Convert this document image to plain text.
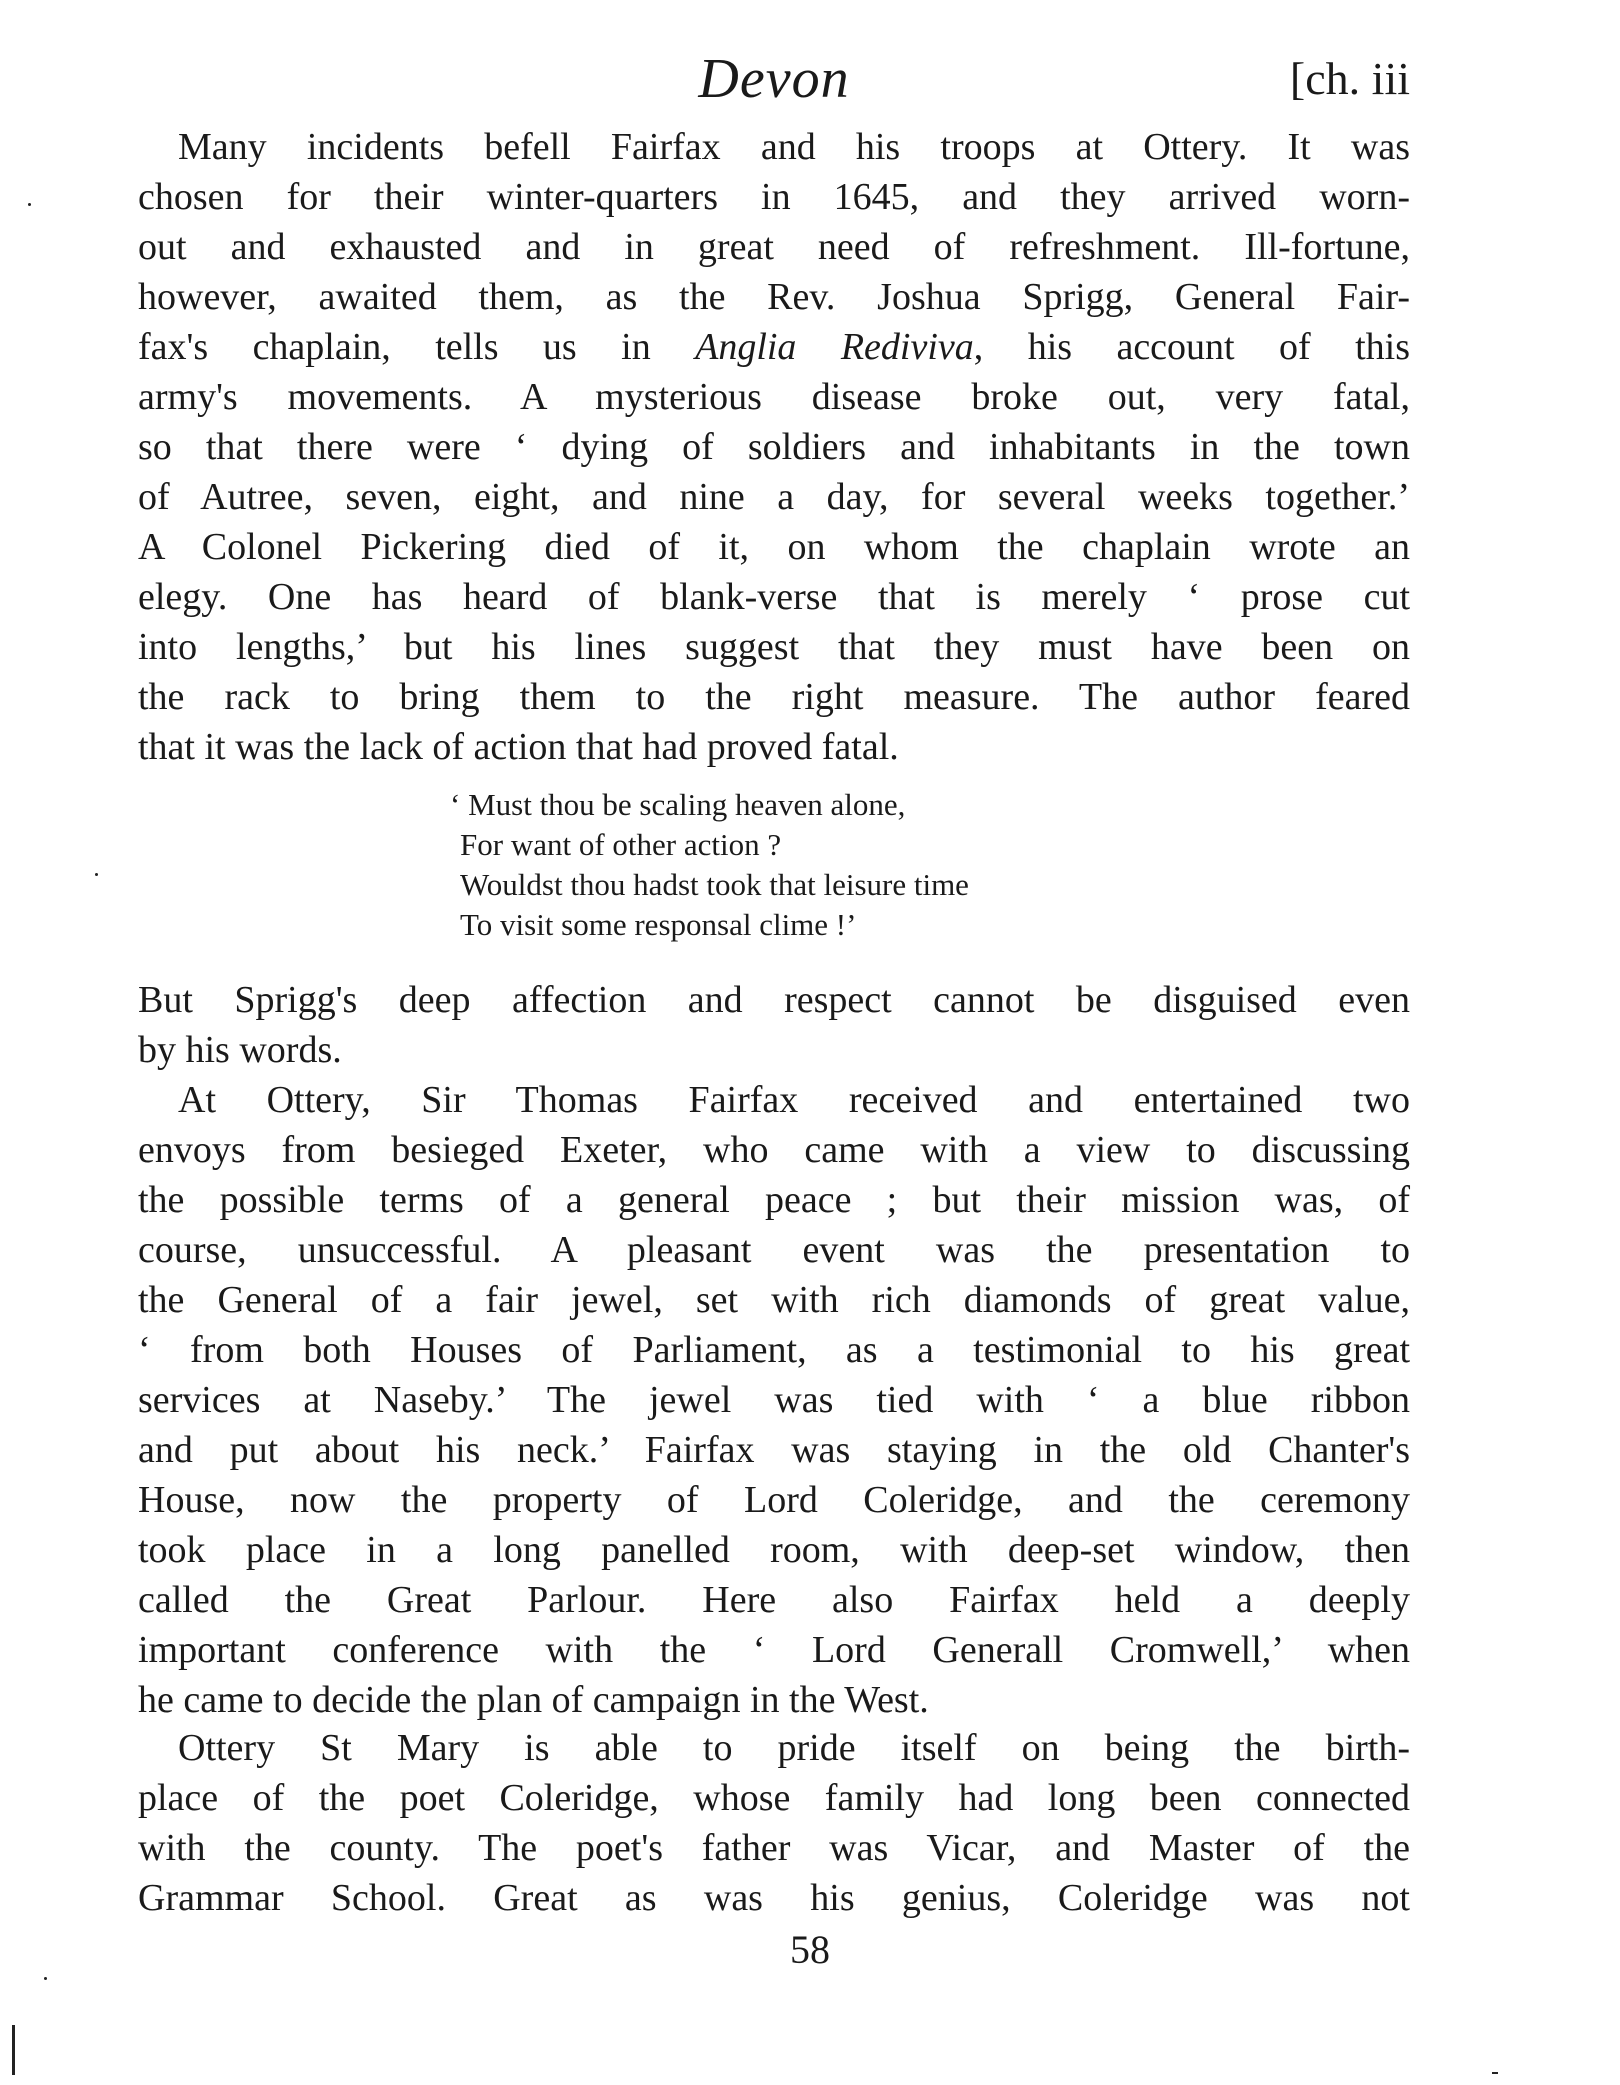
Devon	[ch. iii
Many incidents befell Fairfax and his troops at Ottery. It was
chosen for their winter-quarters in 1645, and they arrived worn-
out and exhausted and in great need of refreshment. Ill-fortune,
however, awaited them, as the Rev. Joshua Sprigg, General Fair-
fax's chaplain, tells us in Anglia Rediviva, his account of this
army's movements. A mysterious disease broke out, very fatal,
so that there were ‘ dying of soldiers and inhabitants in the town
of Autree, seven, eight, and nine a day, for several weeks together.’
A Colonel Pickering died of it, on whom the chaplain wrote an
elegy. One has heard of blank-verse that is merely ‘ prose cut
into lengths,’ but his lines suggest that they must have been on
the rack to bring them to the right measure. The author feared
that it was the lack of action that had proved fatal.
‘ Must thou be scaling heaven alone,
For want of other action ?
Wouldst thou hadst took that leisure time
To visit some responsal clime !’
But Sprigg's deep affection and respect cannot be disguised even
by his words.
At Ottery, Sir Thomas Fairfax received and entertained two
envoys from besieged Exeter, who came with a view to discussing
the possible terms of a general peace ; but their mission was, of
course, unsuccessful. A pleasant event was the presentation to
the General of a fair jewel, set with rich diamonds of great value,
‘ from both Houses of Parliament, as a testimonial to his great
services at Naseby.’ The jewel was tied with ‘ a blue ribbon
and put about his neck.’ Fairfax was staying in the old Chanter's
House, now the property of Lord Coleridge, and the ceremony
took place in a long panelled room, with deep-set window, then
called the Great Parlour. Here also Fairfax held a deeply
important conference with the ‘ Lord Generall Cromwell,’ when
he came to decide the plan of campaign in the West.
Ottery St Mary is able to pride itself on being the birth-
place of the poet Coleridge, whose family had long been connected
with the county. The poet's father was Vicar, and Master of the
Grammar School. Great as was his genius, Coleridge was not
58
